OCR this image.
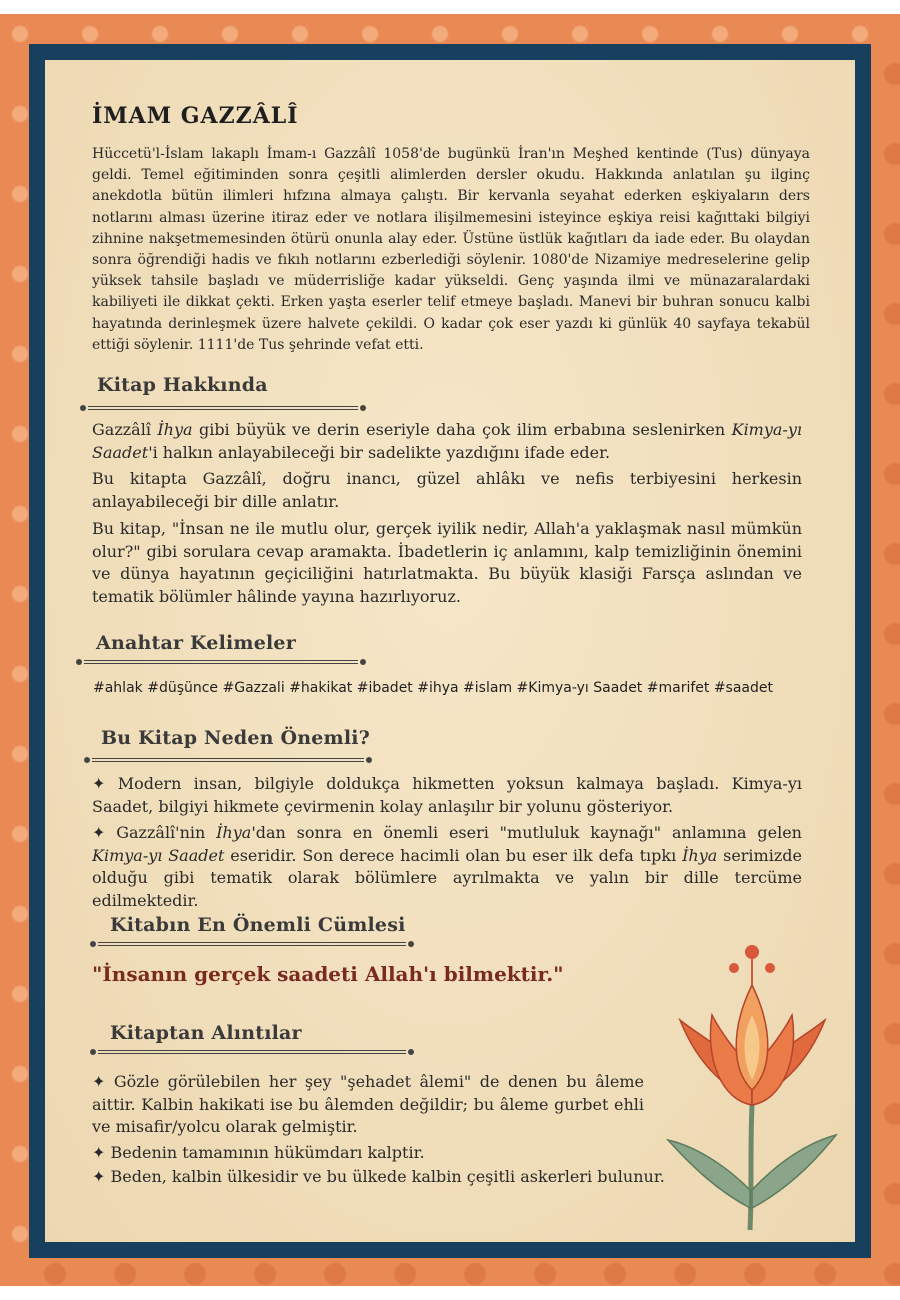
İMAM GAZZÂLÎ

Hüccetü'l-İslam lakaplı İmam-ı Gazzâlî 1058'de bugünkü İran'ın Meşhed kentinde (Tus) dünyaya geldi. Temel eğitiminden sonra çeşitli alimlerden dersler okudu. Hakkında anlatılan şu ilginç anekdotla bütün ilimleri hıfzına almaya çalıştı. Bir kervanla seyahat ederken eşkiyaların ders notlarını alması üzerine itiraz eder ve notlara ilişilmemesini isteyince eşkiya reisi kağıttaki bilgiyi zihnine nakşetmemesinden ötürü onunla alay eder. Üstüne üstlük kağıtları da iade eder. Bu olaydan sonra öğrendiği hadis ve fıkıh notlarını ezberlediği söylenir. 1080'de Nizamiye medreselerine gelip yüksek tahsile başladı ve müderrisliğe kadar yükseldi. Genç yaşında ilmi ve münazaralardaki kabiliyeti ile dikkat çekti. Erken yaşta eserler telif etmeye başladı. Manevi bir buhran sonucu kalbi hayatında derinleşmek üzere halvete çekildi. O kadar çok eser yazdı ki günlük 40 sayfaya tekabül ettiği söylenir. 1111'de Tus şehrinde vefat etti.

Kitap Hakkında

Gazzâlî İhya gibi büyük ve derin eseriyle daha çok ilim erbabına seslenirken Kimya-yı Saadet'i halkın anlayabileceği bir sadelikte yazdığını ifade eder.

Bu kitapta Gazzâlî, doğru inancı, güzel ahlâkı ve nefis terbiyesini herkesin anlayabileceği bir dille anlatır.

Bu kitap, "İnsan ne ile mutlu olur, gerçek iyilik nedir, Allah'a yaklaşmak nasıl mümkün olur?" gibi sorulara cevap aramakta. İbadetlerin iç anlamını, kalp temizliğinin önemini ve dünya hayatının geçiciliğini hatırlatmakta. Bu büyük klasiği Farsça aslından ve tematik bölümler hâlinde yayına hazırlıyoruz.

Anahtar Kelimeler
#ahlak #düşünce #Gazzali #hakikat #ibadet #ihya #islam #Kimya-yı Saadet #marifet #saadet
Bu Kitap Neden Önemli?

✦ Modern insan, bilgiyle doldukça hikmetten yoksun kalmaya başladı. Kimya-yı Saadet, bilgiyi hikmete çevirmenin kolay anlaşılır bir yolunu gösteriyor.

✦ Gazzâlî'nin İhya'dan sonra en önemli eseri "mutluluk kaynağı" anlamına gelen Kimya-yı Saadet eseridir. Son derece hacimli olan bu eser ilk defa tıpkı İhya serimizde olduğu gibi tematik olarak bölümlere ayrılmakta ve yalın bir dille tercüme edilmektedir.

Kitabın En Önemli Cümlesi
"İnsanın gerçek saadeti Allah'ı bilmektir."
Kitaptan Alıntılar

✦ Gözle görülebilen her şey "şehadet âlemi" de denen bu âleme aittir. Kalbin hakikati ise bu âlemden değildir; bu âleme gurbet ehli ve misafir/yolcu olarak gelmiştir.

✦ Bedenin tamamının hükümdarı kalptir.

✦ Beden, kalbin ülkesidir ve bu ülkede kalbin çeşitli askerleri bulunur.
